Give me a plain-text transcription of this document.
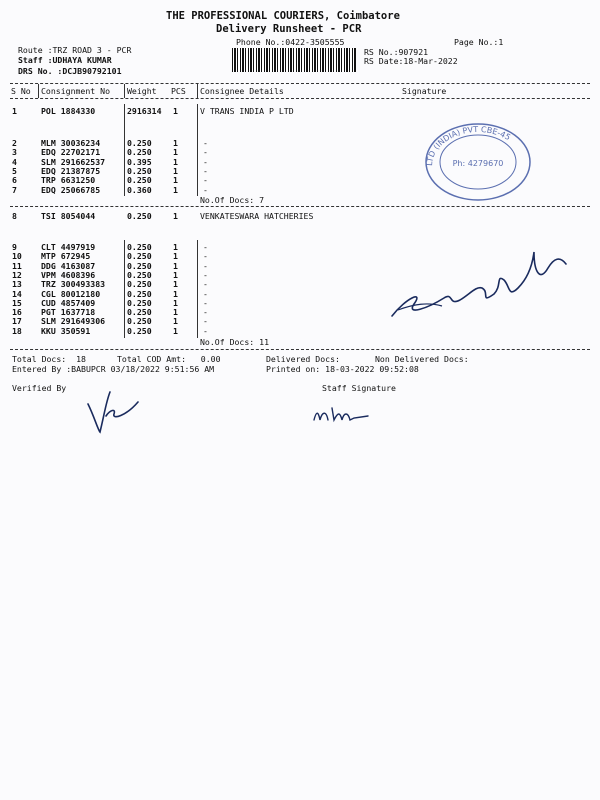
THE PROFESSIONAL COURIERS, Coimbatore
Delivery Runsheet - PCR
Phone No.:0422-3505555	Page No.:1
Route :TRZ ROAD 3 - PCR
Staff :UDHAYA KUMAR
DRS No. :DCJB90792101
RS No.:907921
RS Date:18-Mar-2022
S No Consignment No Weight PCS Consignee Details	Signature
1	POL 1884330	2916314 1	V TRANS INDIA P LTD
2	MLM 30036234	0.250	1	-
3	EDQ 22702171	0.250	1	-
4	SLM 291662537	0.395	1	-
5	EDQ 21387875	0.250	1	-
6	TRP 6631250	0.250	1	-
7	EDQ 25066785	0.360	1	-
No.Of Docs: 7
8	TSI 8054044	0.250	1	VENKATESWARA HATCHERIES
9	CLT 4497919	0.250	1	-
10 MTP 672945	0.250	1	-
11 DDG 4163087	0.250	1	-
12 VPM 4608396	0.250	1	-
13 TRZ 300493383	0.250	1	-
14 CGL 80012180	0.250	1	-
15 CUD 4857409	0.250	1	-
16 PGT 1637718	0.250	1	-
17 SLM 291649306	0.250	1	-
18 KKU 350591	0.250	1	-
No.Of Docs: 11
Total Docs:  18	Total COD Amt:   0.00	Delivered Docs:	Non Delivered Docs:
Entered By :BABUPCR 03/18/2022 9:51:56 AM	Printed on: 18-03-2022 09:52:08
Verified By	Staff Signature
LTD (INDIA) PVT CBE-45
Ph: 4279670
